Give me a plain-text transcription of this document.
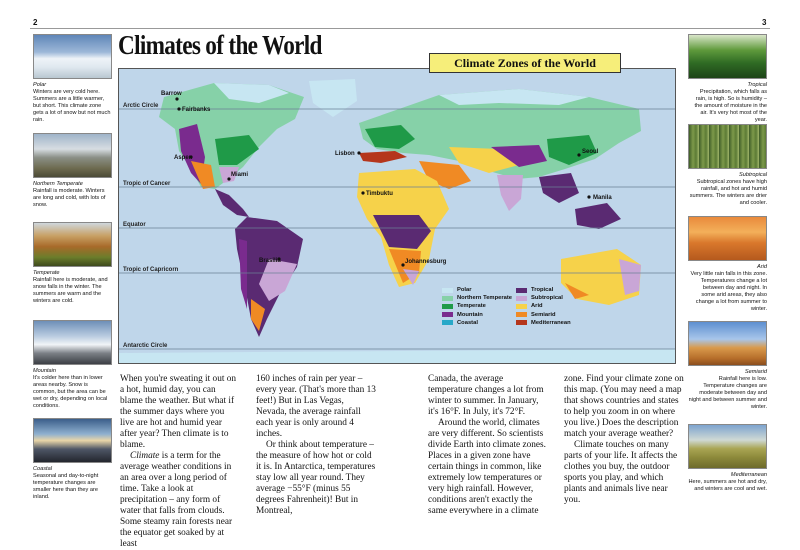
2	3
Climates of the World
Polar
Winters are very cold here. Summers are a little warmer, but short. This climate zone gets a lot of snow but not much rain.
Northern Temperate
Rainfall is moderate. Winters are long and cold, with lots of snow.
Temperate
Rainfall here is moderate, and snow falls in the winter. The summers are warm and the winters are cold.
Mountain
It's colder here than in lower areas nearby. Snow is common, but the area can be wet or dry, depending on local conditions.
Coastal
Seasonal and day-to-night temperature changes are smaller here than they are inland.
Tropical
Precipitation, which falls as rain, is high. So is humidity – the amount of moisture in the air. It's very hot most of the year.
Subtropical
Subtropical zones have high rainfall, and hot and humid summers. The winters are drier and cooler.
Arid
Very little rain falls in this zone. Temperatures change a lot between day and night. In some arid areas, they also change a lot from summer to winter.
Semiarid
Rainfall here is low. Temperature changes are moderate between day and night and between summer and winter.
Mediterranean
Here, summers are hot and dry, and winters are cool and wet.
Arctic Circle
Tropic of Cancer
Equator
Tropic of Capricorn
Antarctic Circle
Barrow
Fairbanks
Aspen
Miami
Brasilia
Lisbon
Timbuktu
Johannesburg
Seoul
Manila
Climate Zones of the World
Polar
Northern Temperate
Temperate
Mountain
Coastal
Tropical
Subtropical
Arid
Semiarid
Mediterranean

When you're sweating it out on a hot, humid day, you can blame the weather. But what if the summer days where you live are hot and humid year after year? Then climate is to blame.

Climate is a term for the average weather conditions in an area over a long period of time. Take a look at precipitation – any form of water that falls from clouds. Some steamy rain forests near the equator get soaked by at least

160 inches of rain per year – every year. (That's more than 13 feet!) But in Las Vegas, Nevada, the average rainfall each year is only around 4 inches.

Or think about temperature – the measure of how hot or cold it is. In Antarctica, temperatures stay low all year round. They average −55°F (minus 55 degrees Fahrenheit)! But in Montreal,

Canada, the average temperature changes a lot from winter to summer. In January, it's 16°F. In July, it's 72°F.

Around the world, climates are very different. So scientists divide Earth into climate zones. Places in a given zone have certain things in common, like extremely low temperatures or very high rainfall. However, conditions aren't exactly the same everywhere in a climate

zone. Find your climate zone on this map. (You may need a map that shows countries and states to help you zoom in on where you live.) Does the description match your average weather?

Climate touches on many parts of your life. It affects the clothes you buy, the outdoor sports you play, and which plants and animals live near you.
